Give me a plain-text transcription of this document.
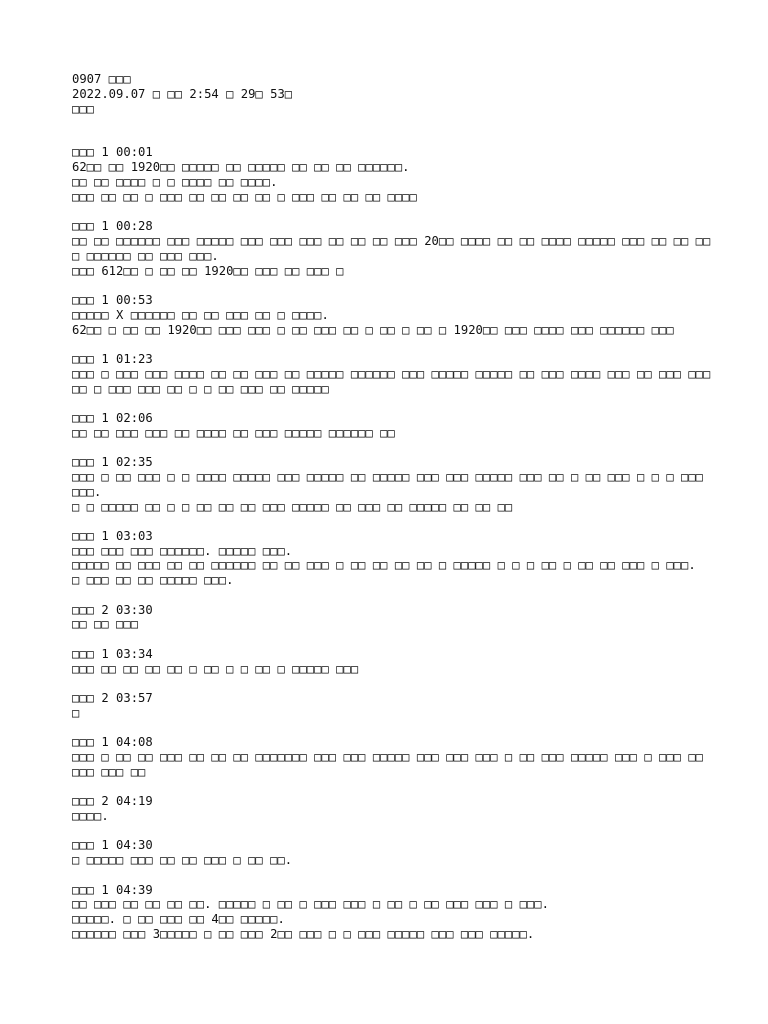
0907 □□□

2022.09.07 □ □□ 2:54 □ 29□ 53□

□□□

□□□ 1 00:01

62□□ □□ 1920□□ □□□□□ □□ □□□□□ □□ □□ □□ □□□□□□.

□□ □□ □□□□ □ □ □□□□ □□ □□□□.

□□□ □□ □□ □ □□□ □□ □□ □□ □□ □ □□□ □□ □□ □□ □□□□

□□□ 1 00:28

□□ □□ □□□□□□ □□□ □□□□□ □□□ □□□ □□□ □□ □□ □□ □□□ 20□□ □□□□ □□ □□ □□□□ □□□□□ □□□ □□ □□ □□□ □□□□□□ □□ □□□ □□□.

□□□ 612□□ □ □□ □□ 1920□□ □□□ □□ □□□ □

□□□ 1 00:53

□□□□□ X □□□□□□ □□ □□ □□□ □□ □ □□□□.

62□□ □ □□ □□ 1920□□ □□□ □□□ □ □□ □□□ □□ □ □□ □ □□ □ 1920□□ □□□ □□□□ □□□ □□□□□□ □□□

□□□ 1 01:23

□□□ □ □□□ □□□ □□□□ □□ □□ □□□ □□ □□□□□ □□□□□□ □□□ □□□□□ □□□□□ □□ □□□ □□□□ □□□ □□ □□□ □□□ □□ □ □□□ □□□ □□ □ □ □□ □□□ □□ □□□□□

□□□ 1 02:06

□□ □□ □□□ □□□ □□ □□□□ □□ □□□ □□□□□ □□□□□□ □□

□□□ 1 02:35

□□□ □ □□ □□□ □ □ □□□□ □□□□□ □□□ □□□□□ □□ □□□□□ □□□ □□□ □□□□□ □□□ □□ □ □□ □□□ □ □ □ □□□ □□□.

□ □ □□□□□ □□ □ □ □□ □□ □□ □□□ □□□□□ □□ □□□ □□ □□□□□ □□ □□ □□

□□□ 1 03:03

□□□ □□□ □□□ □□□□□□. □□□□□ □□□.

□□□□□ □□ □□□ □□ □□ □□□□□□ □□ □□ □□□ □ □□ □□ □□ □□ □ □□□□□ □ □ □ □□ □ □□ □□ □□□ □ □□□.

□ □□□ □□ □□ □□□□□ □□□.

□□□ 2 03:30

□□ □□ □□□

□□□ 1 03:34

□□□ □□ □□ □□ □□ □ □□ □ □ □□ □ □□□□□ □□□

□□□ 2 03:57

□

□□□ 1 04:08

□□□ □ □□ □□ □□□ □□ □□ □□ □□□□□□□ □□□ □□□ □□□□□ □□□ □□□ □□□ □ □□ □□□ □□□□□ □□□ □ □□□ □□ □□□ □□□ □□

□□□ 2 04:19

□□□□.

□□□ 1 04:30

□ □□□□□ □□□ □□ □□ □□□ □ □□ □□.

□□□ 1 04:39

□□ □□□ □□ □□ □□ □□. □□□□□ □ □□ □ □□□ □□□ □ □□ □ □□ □□□ □□□ □ □□□.

□□□□□. □ □□ □□□ □□ 4□□ □□□□□.

□□□□□□ □□□ 3□□□□□ □ □□ □□□ 2□□ □□□ □ □ □□□ □□□□□ □□□ □□□ □□□□□.
